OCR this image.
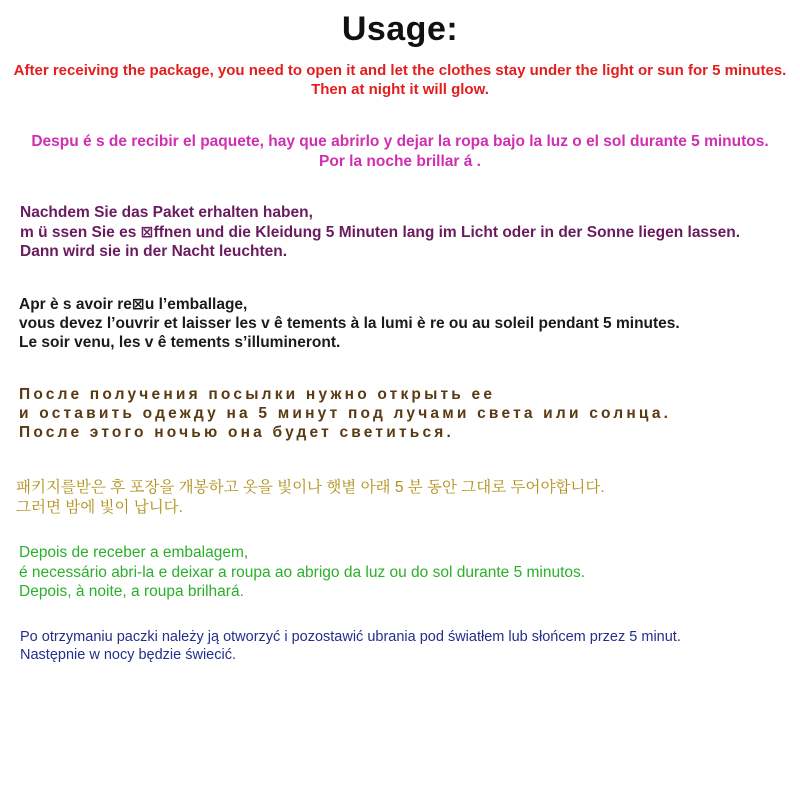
Usage:

After receiving the package, you need to open it and let the clothes stay under the light or sun for 5 minutes.

Then at night it will glow.

Despu é s de recibir el paquete, hay que abrirlo y dejar la ropa bajo la luz o el sol durante 5 minutos.

Por la noche brillar á .

Nachdem Sie das Paket erhalten haben,

m ü ssen Sie es ⊠ffnen und die Kleidung 5 Minuten lang im Licht oder in der Sonne liegen lassen.

Dann wird sie in der Nacht leuchten.

Apr è s avoir re⊠u l’emballage,

vous devez l’ouvrir et laisser les v ê tements à la lumi è re ou au soleil pendant 5 minutes.

Le soir venu, les v ê tements s’illumineront.

После получения посылки нужно открыть ее

и оставить одежду на 5 минут под лучами света или солнца.

После этого ночью она будет светиться.

패키지를받은 후 포장을 개봉하고 옷을 빛이나 햇볕 아래 5 분 동안 그대로 두어야합니다.

그러면 밤에 빛이 납니다.

Depois de receber a embalagem,

é necessário abri-la e deixar a roupa ao abrigo da luz ou do sol durante 5 minutos.

Depois, à noite, a roupa brilhará.

Po otrzymaniu paczki należy ją otworzyć i pozostawić ubrania pod światłem lub słońcem przez 5 minut.

Następnie w nocy będzie świecić.
